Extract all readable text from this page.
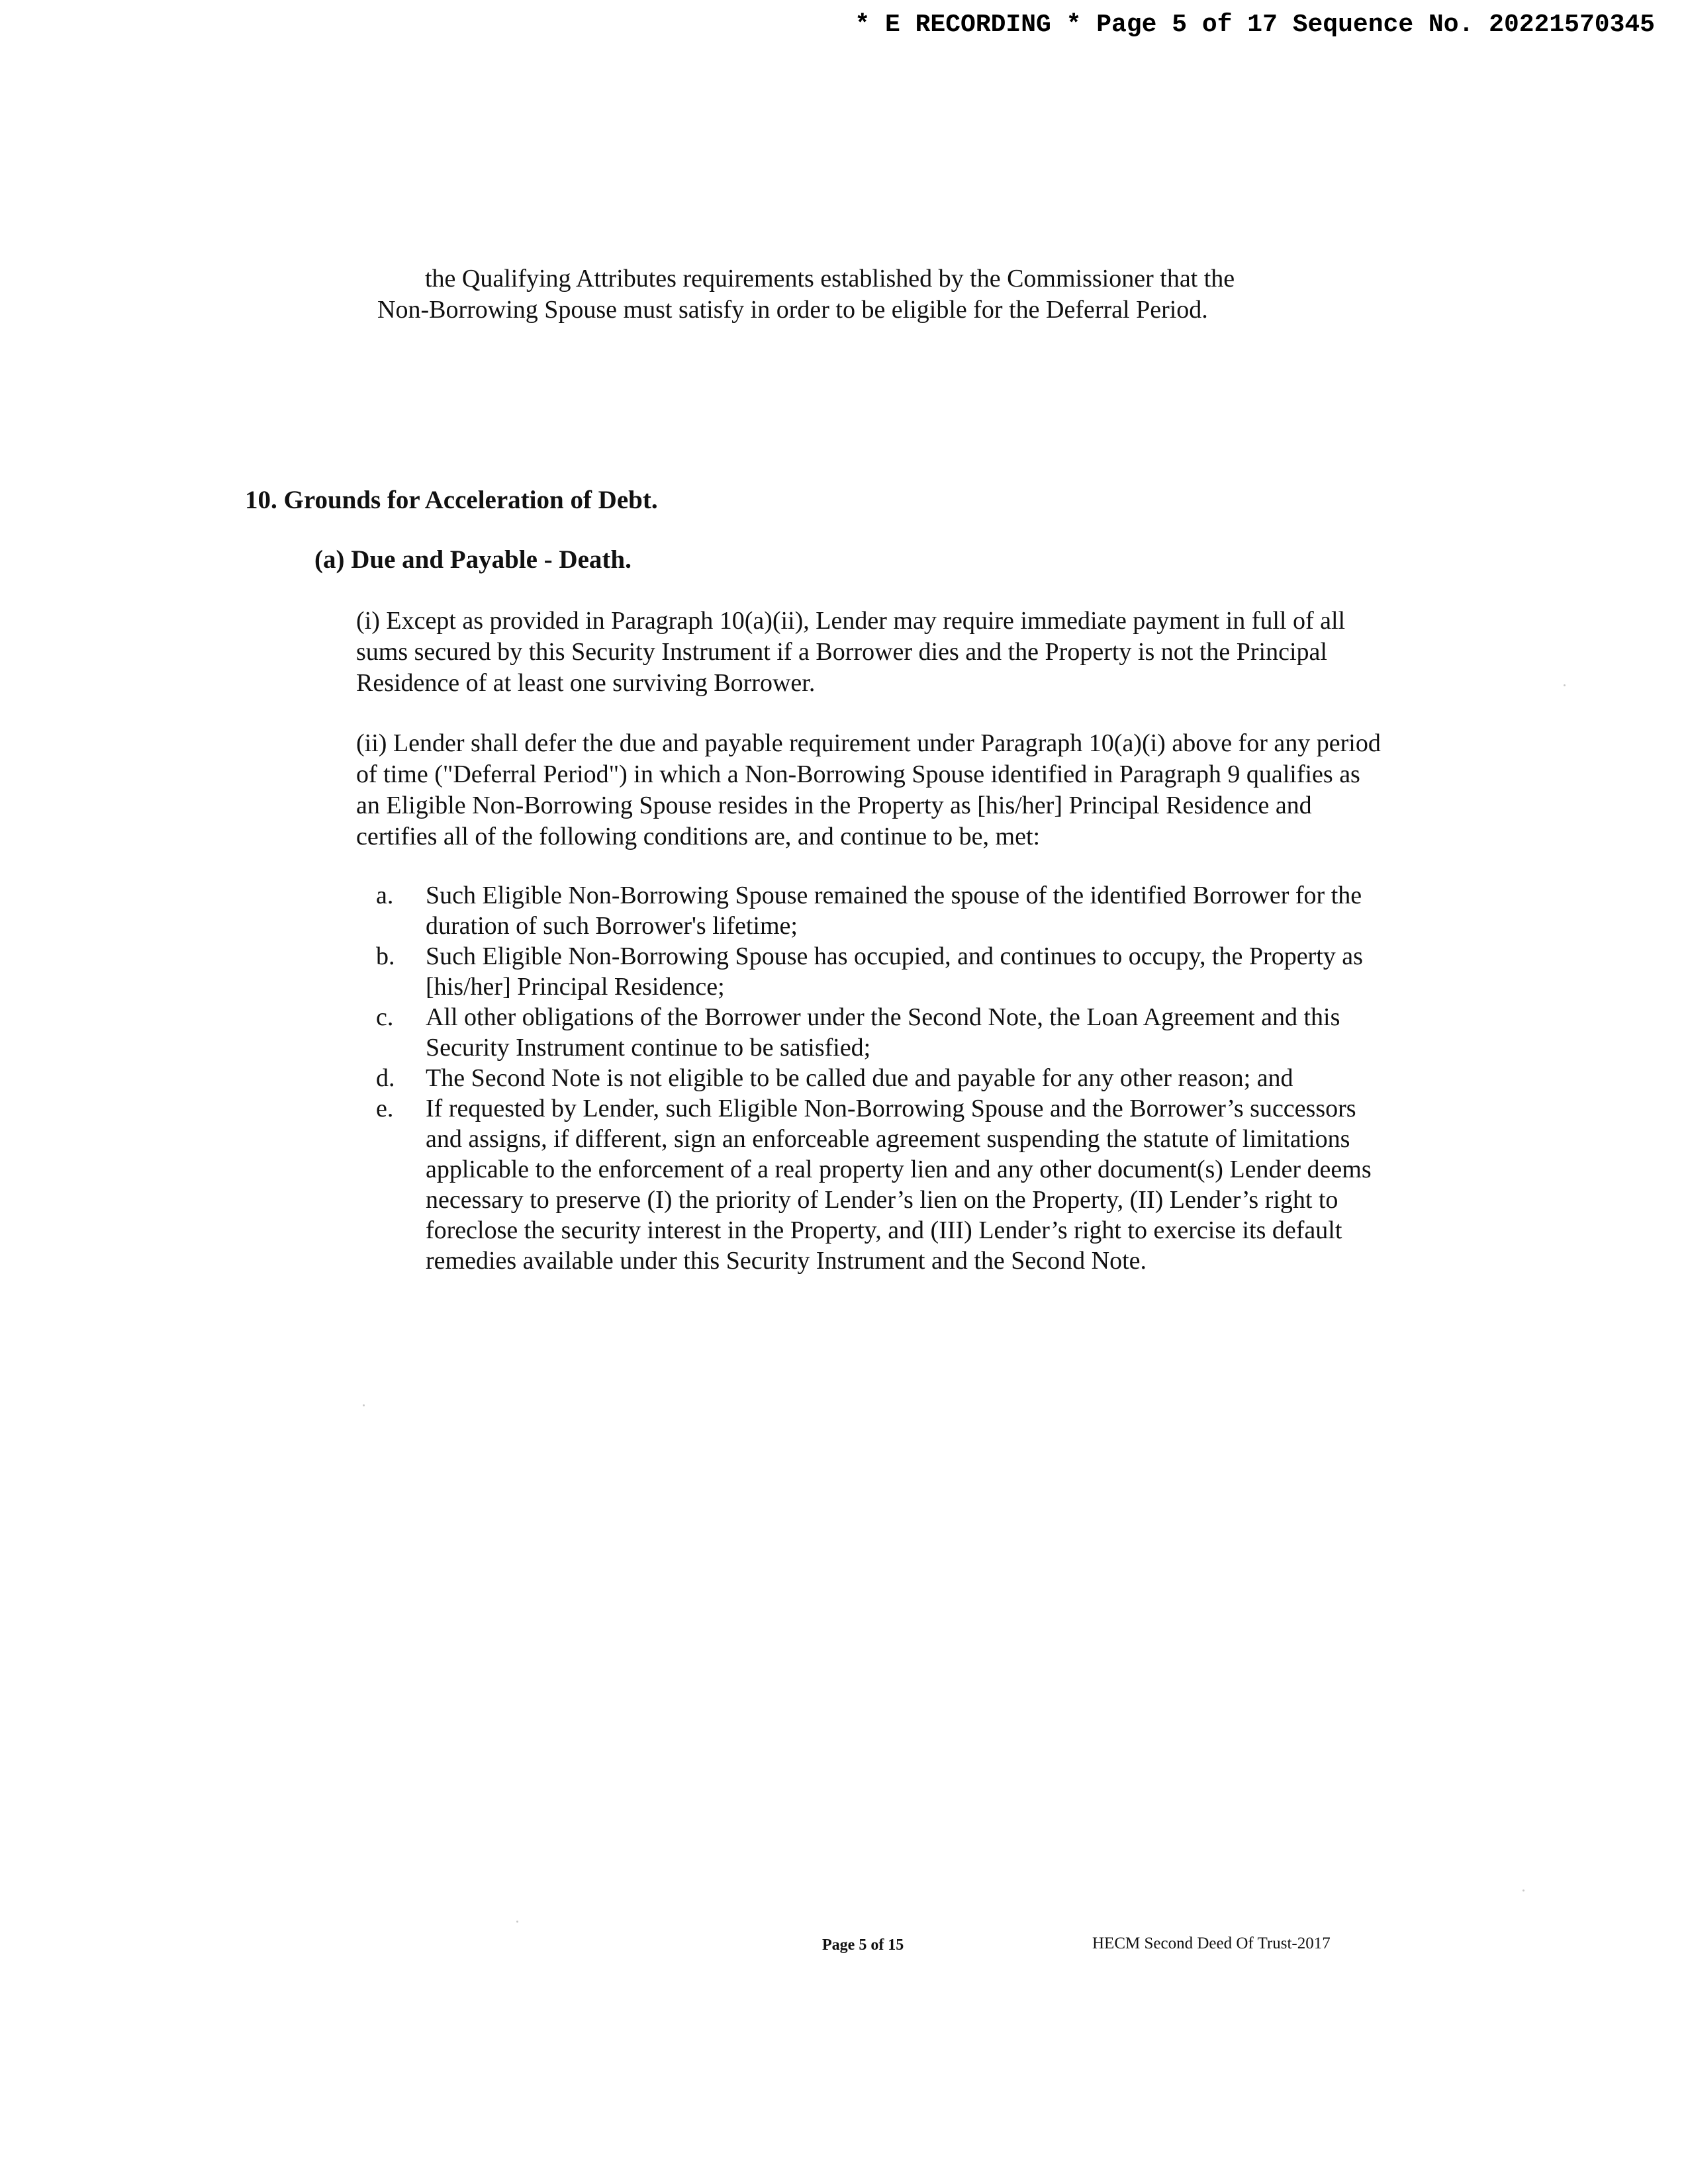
* E RECORDING * Page 5 of 17 Sequence No. 20221570345

the Qualifying Attributes requirements established by the Commissioner that the
Non-Borrowing Spouse must satisfy in order to be eligible for the Deferral Period.

10. Grounds for Acceleration of Debt.
(a) Due and Payable - Death.

(i) Except as provided in Paragraph 10(a)(ii), Lender may require immediate payment in full of all sums secured by this Security Instrument if a Borrower dies and the Property is not the Principal Residence of at least one surviving Borrower.

(ii) Lender shall defer the due and payable requirement under Paragraph 10(a)(i) above for any period of time ("Deferral Period") in which a Non-Borrowing Spouse identified in Paragraph 9 qualifies as an Eligible Non-Borrowing Spouse resides in the Property as [his/her] Principal Residence and certifies all of the following conditions are, and continue to be, met:

a. Such Eligible Non-Borrowing Spouse remained the spouse of the identified Borrower for the duration of such Borrower's lifetime;
b. Such Eligible Non-Borrowing Spouse has occupied, and continues to occupy, the Property as [his/her] Principal Residence;
c. All other obligations of the Borrower under the Second Note, the Loan Agreement and this Security Instrument continue to be satisfied;
d. The Second Note is not eligible to be called due and payable for any other reason; and
e. If requested by Lender, such Eligible Non-Borrowing Spouse and the Borrower’s successors and assigns, if different, sign an enforceable agreement suspending the statute of limitations applicable to the enforcement of a real property lien and any other document(s) Lender deems necessary to preserve (I) the priority of Lender’s lien on the Property, (II) Lender’s right to foreclose the security interest in the Property, and (III) Lender’s right to exercise its default remedies available under this Security Instrument and the Second Note.
Page 5 of 15	HECM Second Deed Of Trust-2017
